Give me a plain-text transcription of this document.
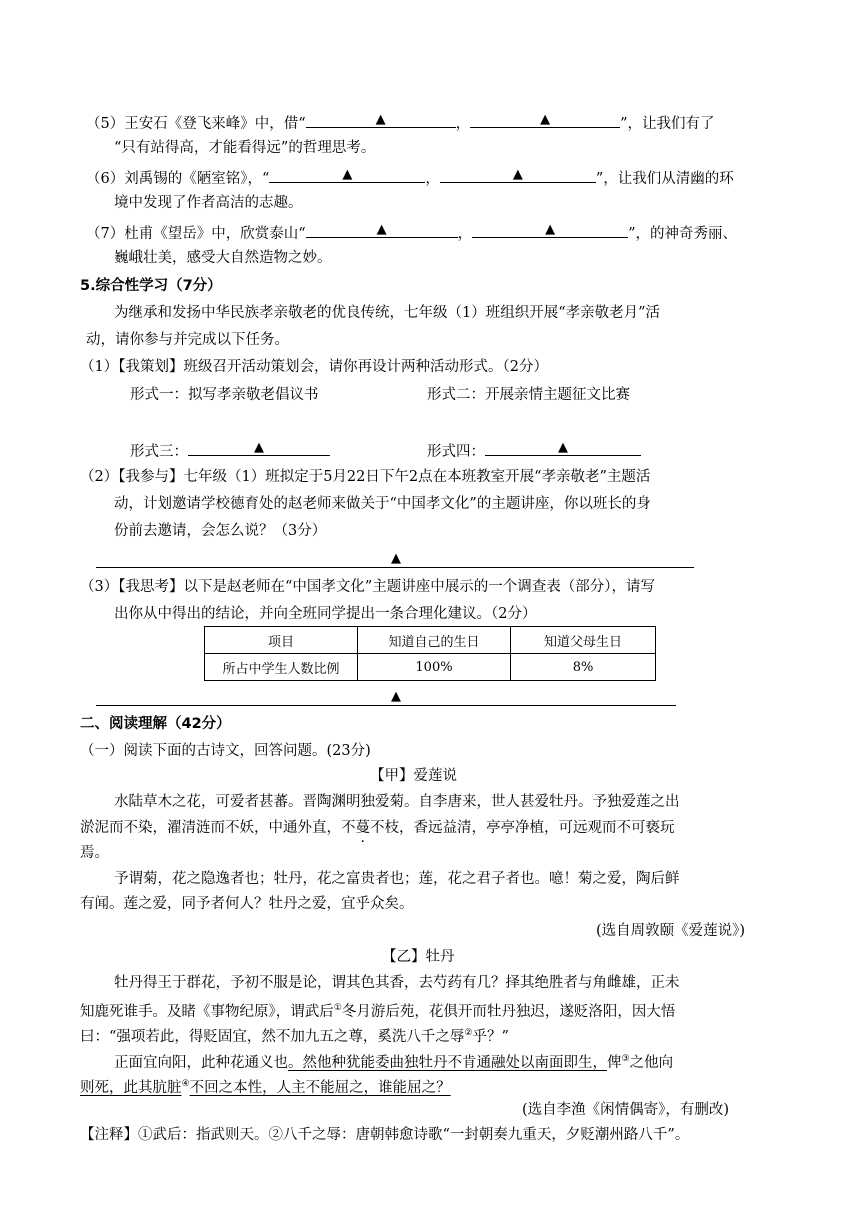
（5）王安石《登飞来峰》中，借“	▲	，	▲	”，让我们有了
“只有站得高，才能看得远”的哲理思考。
（6）刘禹锡的《陋室铭》，“	▲	，	▲	”，让我们从清幽的环
境中发现了作者高洁的志趣。
（7）杜甫《望岳》中，欣赏泰山“	▲	，	▲	”，的神奇秀丽、
巍峨壮美，感受大自然造物之妙。
5.综合性学习（7分）
为继承和发扬中华民族孝亲敬老的优良传统，七年级（1）班组织开展“孝亲敬老月”活
动，请你参与并完成以下任务。
（1）【我策划】班级召开活动策划会，请你再设计两种活动形式。（2分）
形式一：拟写孝亲敬老倡议书	形式二：开展亲情主题征文比赛
形式三：	▲	形式四：	▲
（2）【我参与】七年级（1）班拟定于5月22日下午2点在本班教室开展“孝亲敬老”主题活
动，计划邀请学校德育处的赵老师来做关于“中国孝文化”的主题讲座，你以班长的身
份前去邀请，会怎么说？（3分）
▲
（3）【我思考】以下是赵老师在“中国孝文化”主题讲座中展示的一个调查表（部分），请写
出你从中得出的结论，并向全班同学提出一条合理化建议。（2分）
项目	知道自己的生日	知道父母生日
所占中学生人数比例	100%	8%
▲
二、阅读理解（42分）
（一）阅读下面的古诗文，回答问题。(23分)
【甲】爱莲说
水陆草木之花，可爱者甚蕃。晋陶渊明独爱菊。自李唐来，世人甚爱牡丹。予独爱莲之出
淤泥而不染，濯清涟而不妖，中通外直，不蔓不枝，香远益清，亭亭净植，可远观而不可亵玩
焉。
予谓菊，花之隐逸者也；牡丹，花之富贵者也；莲，花之君子者也。噫！菊之爱，陶后鲜
有闻。莲之爱，同予者何人？牡丹之爱，宜乎众矣。
(选自周敦颐《爱莲说》)
【乙】牡丹
牡丹得王于群花，予初不服是论，谓其色其香，去芍药有几？择其绝胜者与角雌雄，正未
知鹿死谁手。及睹《事物纪原》，谓武后①冬月游后苑，花俱开而牡丹独迟，遂贬洛阳，因大悟
曰：“强项若此，得贬固宜，然不加九五之尊，奚洗八千之辱②乎？”
正面宜向阳，此种花通义也。然他种犹能委曲独牡丹不肯通融处以南面即生，俾③之他向
则死，此其肮脏④不回之本性，人主不能屈之，谁能屈之？
(选自李渔《闲情偶寄》，有删改)
【注释】①武后：指武则天。②八千之辱：唐朝韩愈诗歌“一封朝奏九重天，夕贬潮州路八千”。
